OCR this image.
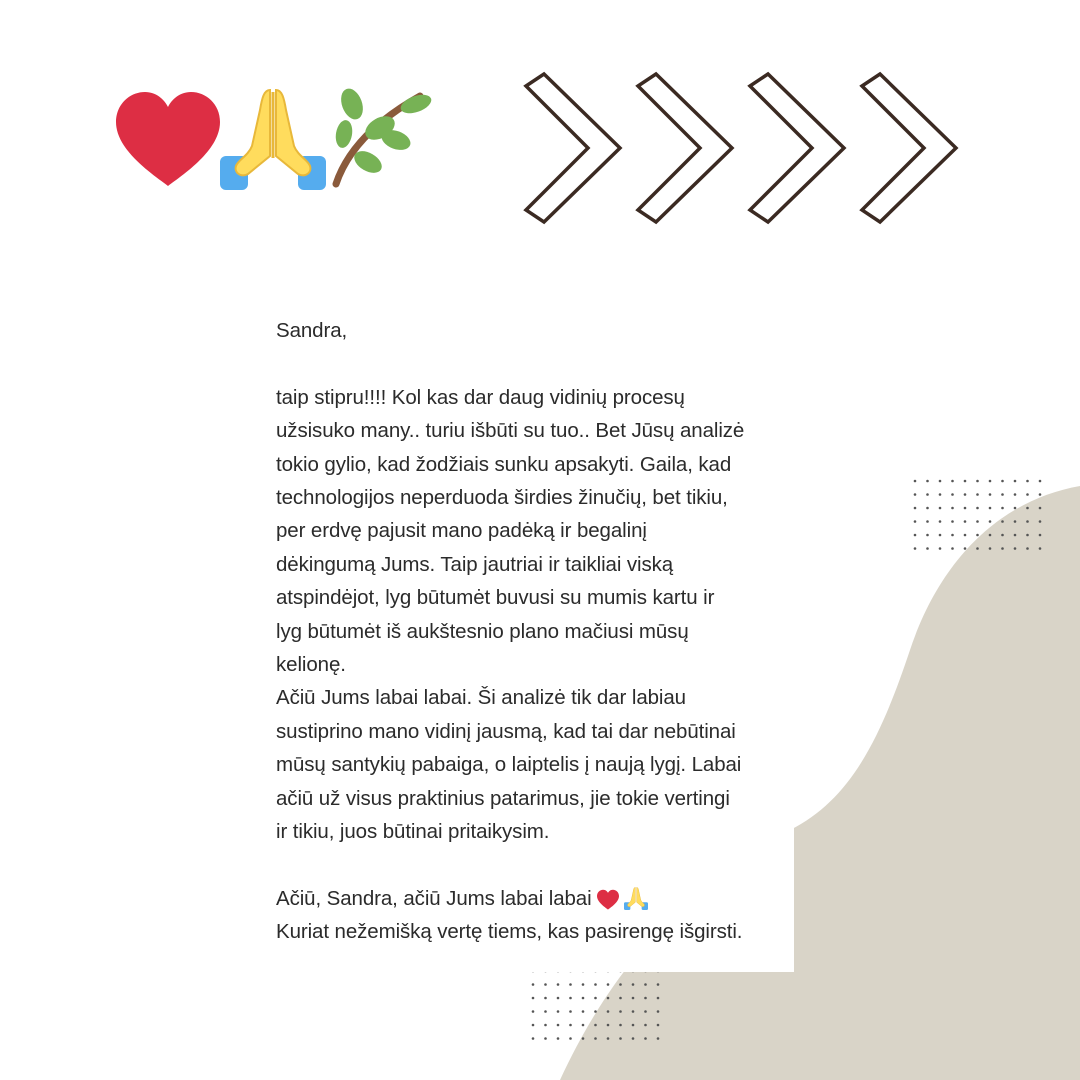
Sandra,
taip stipru!!!! Kol kas dar daug vidinių procesų
užsisuko many.. turiu išbūti su tuo.. Bet Jūsų analizė
tokio gylio, kad žodžiais sunku apsakyti. Gaila, kad
technologijos neperduoda širdies žinučių, bet tikiu,
per erdvę pajusit mano padėką ir begalinį
dėkingumą Jums. Taip jautriai ir taikliai viską
atspindėjot, lyg būtumėt buvusi su mumis kartu ir
lyg būtumėt iš aukštesnio plano mačiusi mūsų
kelionę.
Ačiū Jums labai labai. Ši analizė tik dar labiau
sustiprino mano vidinį jausmą, kad tai dar nebūtinai
mūsų santykių pabaiga, o laiptelis į naują lygį. Labai
ačiū už visus praktinius patarimus, jie tokie vertingi
ir tikiu, juos būtinai pritaikysim.
Ačiū, Sandra, ačiū Jums labai labai
Kuriat nežemišką vertę tiems, kas pasirengę išgirsti.
